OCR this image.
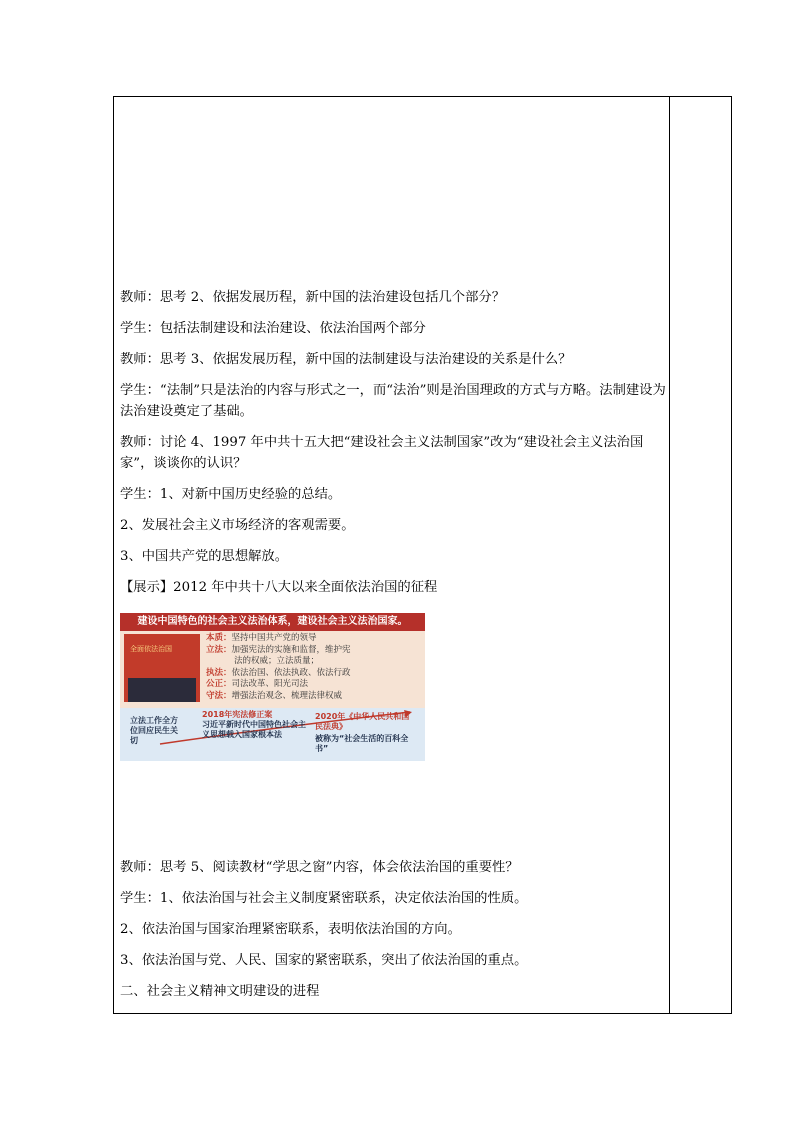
教师：思考 2、依据发展历程，新中国的法治建设包括几个部分？

学生：包括法制建设和法治建设、依法治国两个部分

教师：思考 3、依据发展历程，新中国的法制建设与法治建设的关系是什么？

学生：“法制”只是法治的内容与形式之一，而“法治”则是治国理政的方式与方略。法制建设为法治建设奠定了基础。

教师：讨论 4、1997 年中共十五大把“建设社会主义法制国家”改为“建设社会主义法治国家”，谈谈你的认识？

学生：1、对新中国历史经验的总结。

2、发展社会主义市场经济的客观需要。

3、中国共产党的思想解放。

【展示】2012 年中共十八大以来全面依法治国的征程

建设中国特色的社会主义法治体系，建设社会主义法治国家。
全面依法治国
本质：坚持中国共产党的领导
立法：加强宪法的实施和监督，维护宪
法的权威；立法质量；
执法：依法治国、依法执政、依法行政
公正：司法改革、阳光司法
守法：增强法治观念、梳理法律权威
立法工作全方位回应民生关切
2018年宪法修正案
习近平新时代中国特色社会主义思想载入国家根本法
2020年《中华人民共和国民法典》
被称为“社会生活的百科全书”

教师：思考 5、阅读教材“学思之窗”内容，体会依法治国的重要性？

学生：1、依法治国与社会主义制度紧密联系，决定依法治国的性质。

2、依法治国与国家治理紧密联系，表明依法治国的方向。

3、依法治国与党、人民、国家的紧密联系，突出了依法治国的重点。

二、社会主义精神文明建设的进程
